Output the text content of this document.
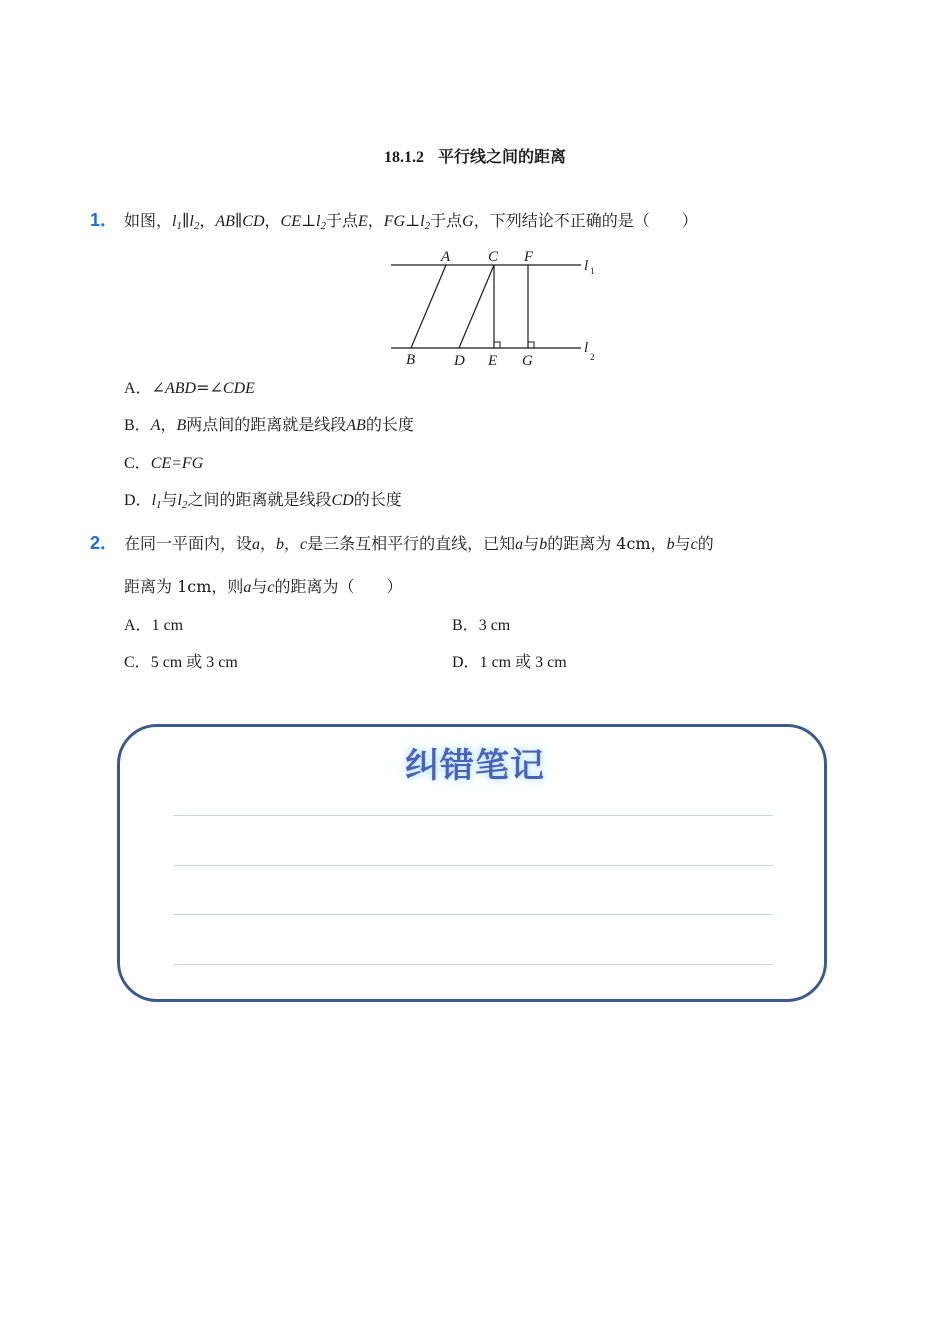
18.1.2 平行线之间的距离
1． 如图，$l_1\parallel l_2$，AB∥CD，$CE\perp l_2$于点E，$FG\perp l_2$于点G，下列结论不正确的是（　　）
A	C F
B	D E G
l 1
l
2
A．∠ABD=∠CDE
B．A，B两点间的距离就是线段AB的长度
C．CE=FG
D．$l_1$与$l_2$之间的距离就是线段CD的长度
2． 在同一平面内，设a，b，c是三条互相平行的直线，已知a与b的距离为 4cm，b与c的
距离为 1cm，则a与c的距离为（　　）
A．1 cm	B．3 cm
C．5 cm 或 3 cm	D．1 cm 或 3 cm
纠错笔记
